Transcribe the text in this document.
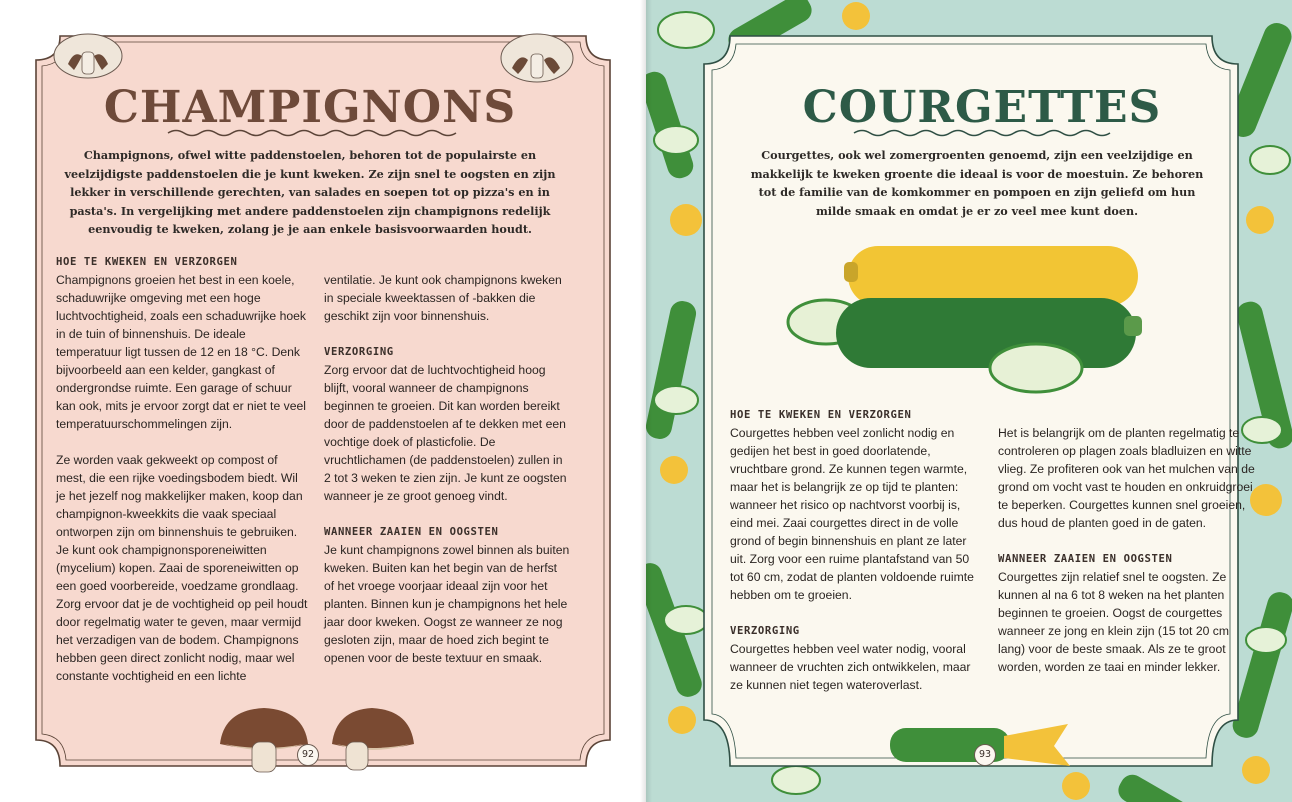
CHAMPIGNONS
Champignons, ofwel witte paddenstoelen, behoren tot de populairste en veelzijdigste paddenstoelen die je kunt kweken. Ze zijn snel te oogsten en zijn lekker in verschillende gerechten, van salades en soepen tot op pizza's en in pasta's. In vergelijking met andere paddenstoelen zijn champignons redelijk eenvoudig te kweken, zolang je je aan enkele basisvoorwaarden houdt.
HOE TE KWEKEN EN VERZORGEN

Champignons groeien het best in een koele, schaduwrijke omgeving met een hoge luchtvochtigheid, zoals een schaduwrijke hoek in de tuin of binnenshuis. De ideale temperatuur ligt tussen de 12 en 18 °C. Denk bijvoorbeeld aan een kelder, gangkast of ondergrondse ruimte. Een garage of schuur kan ook, mits je ervoor zorgt dat er niet te veel temperatuurschommelingen zijn.

Ze worden vaak gekweekt op compost of mest, die een rijke voedingsbodem biedt. Wil je het jezelf nog makkelijker maken, koop dan champignon-kweekkits die vaak speciaal ontworpen zijn om binnenshuis te gebruiken. Je kunt ook champignonsporeneiwitten (mycelium) kopen. Zaai de sporeneiwitten op een goed voorbereide, voedzame grondlaag. Zorg ervoor dat je de vochtigheid op peil houdt door regelmatig water te geven, maar vermijd het verzadigen van de bodem. Champignons hebben geen direct zonlicht nodig, maar wel constante vochtigheid en een lichte

ventilatie. Je kunt ook champignons kweken in speciale kweektassen of -bakken die geschikt zijn voor binnenshuis.

VERZORGING

Zorg ervoor dat de luchtvochtigheid hoog blijft, vooral wanneer de champignons beginnen te groeien. Dit kan worden bereikt door de paddenstoelen af te dekken met een vochtige doek of plasticfolie. De vruchtlichamen (de paddenstoelen) zullen in 2 tot 3 weken te zien zijn. Je kunt ze oogsten wanneer je ze groot genoeg vindt.

WANNEER ZAAIEN EN OOGSTEN

Je kunt champignons zowel binnen als buiten kweken. Buiten kan het begin van de herfst of het vroege voorjaar ideaal zijn voor het planten. Binnen kun je champignons het hele jaar door kweken. Oogst ze wanneer ze nog gesloten zijn, maar de hoed zich begint te openen voor de beste textuur en smaak.

92
COURGETTES
Courgettes, ook wel zomergroenten genoemd, zijn een veelzijdige en makkelijk te kweken groente die ideaal is voor de moestuin. Ze behoren tot de familie van de komkommer en pompoen en zijn geliefd om hun milde smaak en omdat je er zo veel mee kunt doen.
HOE TE KWEKEN EN VERZORGEN

Courgettes hebben veel zonlicht nodig en gedijen het best in goed doorlatende, vruchtbare grond. Ze kunnen tegen warmte, maar het is belangrijk ze op tijd te planten: wanneer het risico op nachtvorst voorbij is, eind mei. Zaai courgettes direct in de volle grond of begin binnenshuis en plant ze later uit. Zorg voor een ruime plantafstand van 50 tot 60 cm, zodat de planten voldoende ruimte hebben om te groeien.

VERZORGING

Courgettes hebben veel water nodig, vooral wanneer de vruchten zich ontwikkelen, maar ze kunnen niet tegen wateroverlast.

Het is belangrijk om de planten regelmatig te controleren op plagen zoals bladluizen en witte vlieg. Ze profiteren ook van het mulchen van de grond om vocht vast te houden en onkruidgroei te beperken. Courgettes kunnen snel groeien, dus houd de planten goed in de gaten.

WANNEER ZAAIEN EN OOGSTEN

Courgettes zijn relatief snel te oogsten. Ze kunnen al na 6 tot 8 weken na het planten beginnen te groeien. Oogst de courgettes wanneer ze jong en klein zijn (15 tot 20 cm lang) voor de beste smaak. Als ze te groot worden, worden ze taai en minder lekker.

93
